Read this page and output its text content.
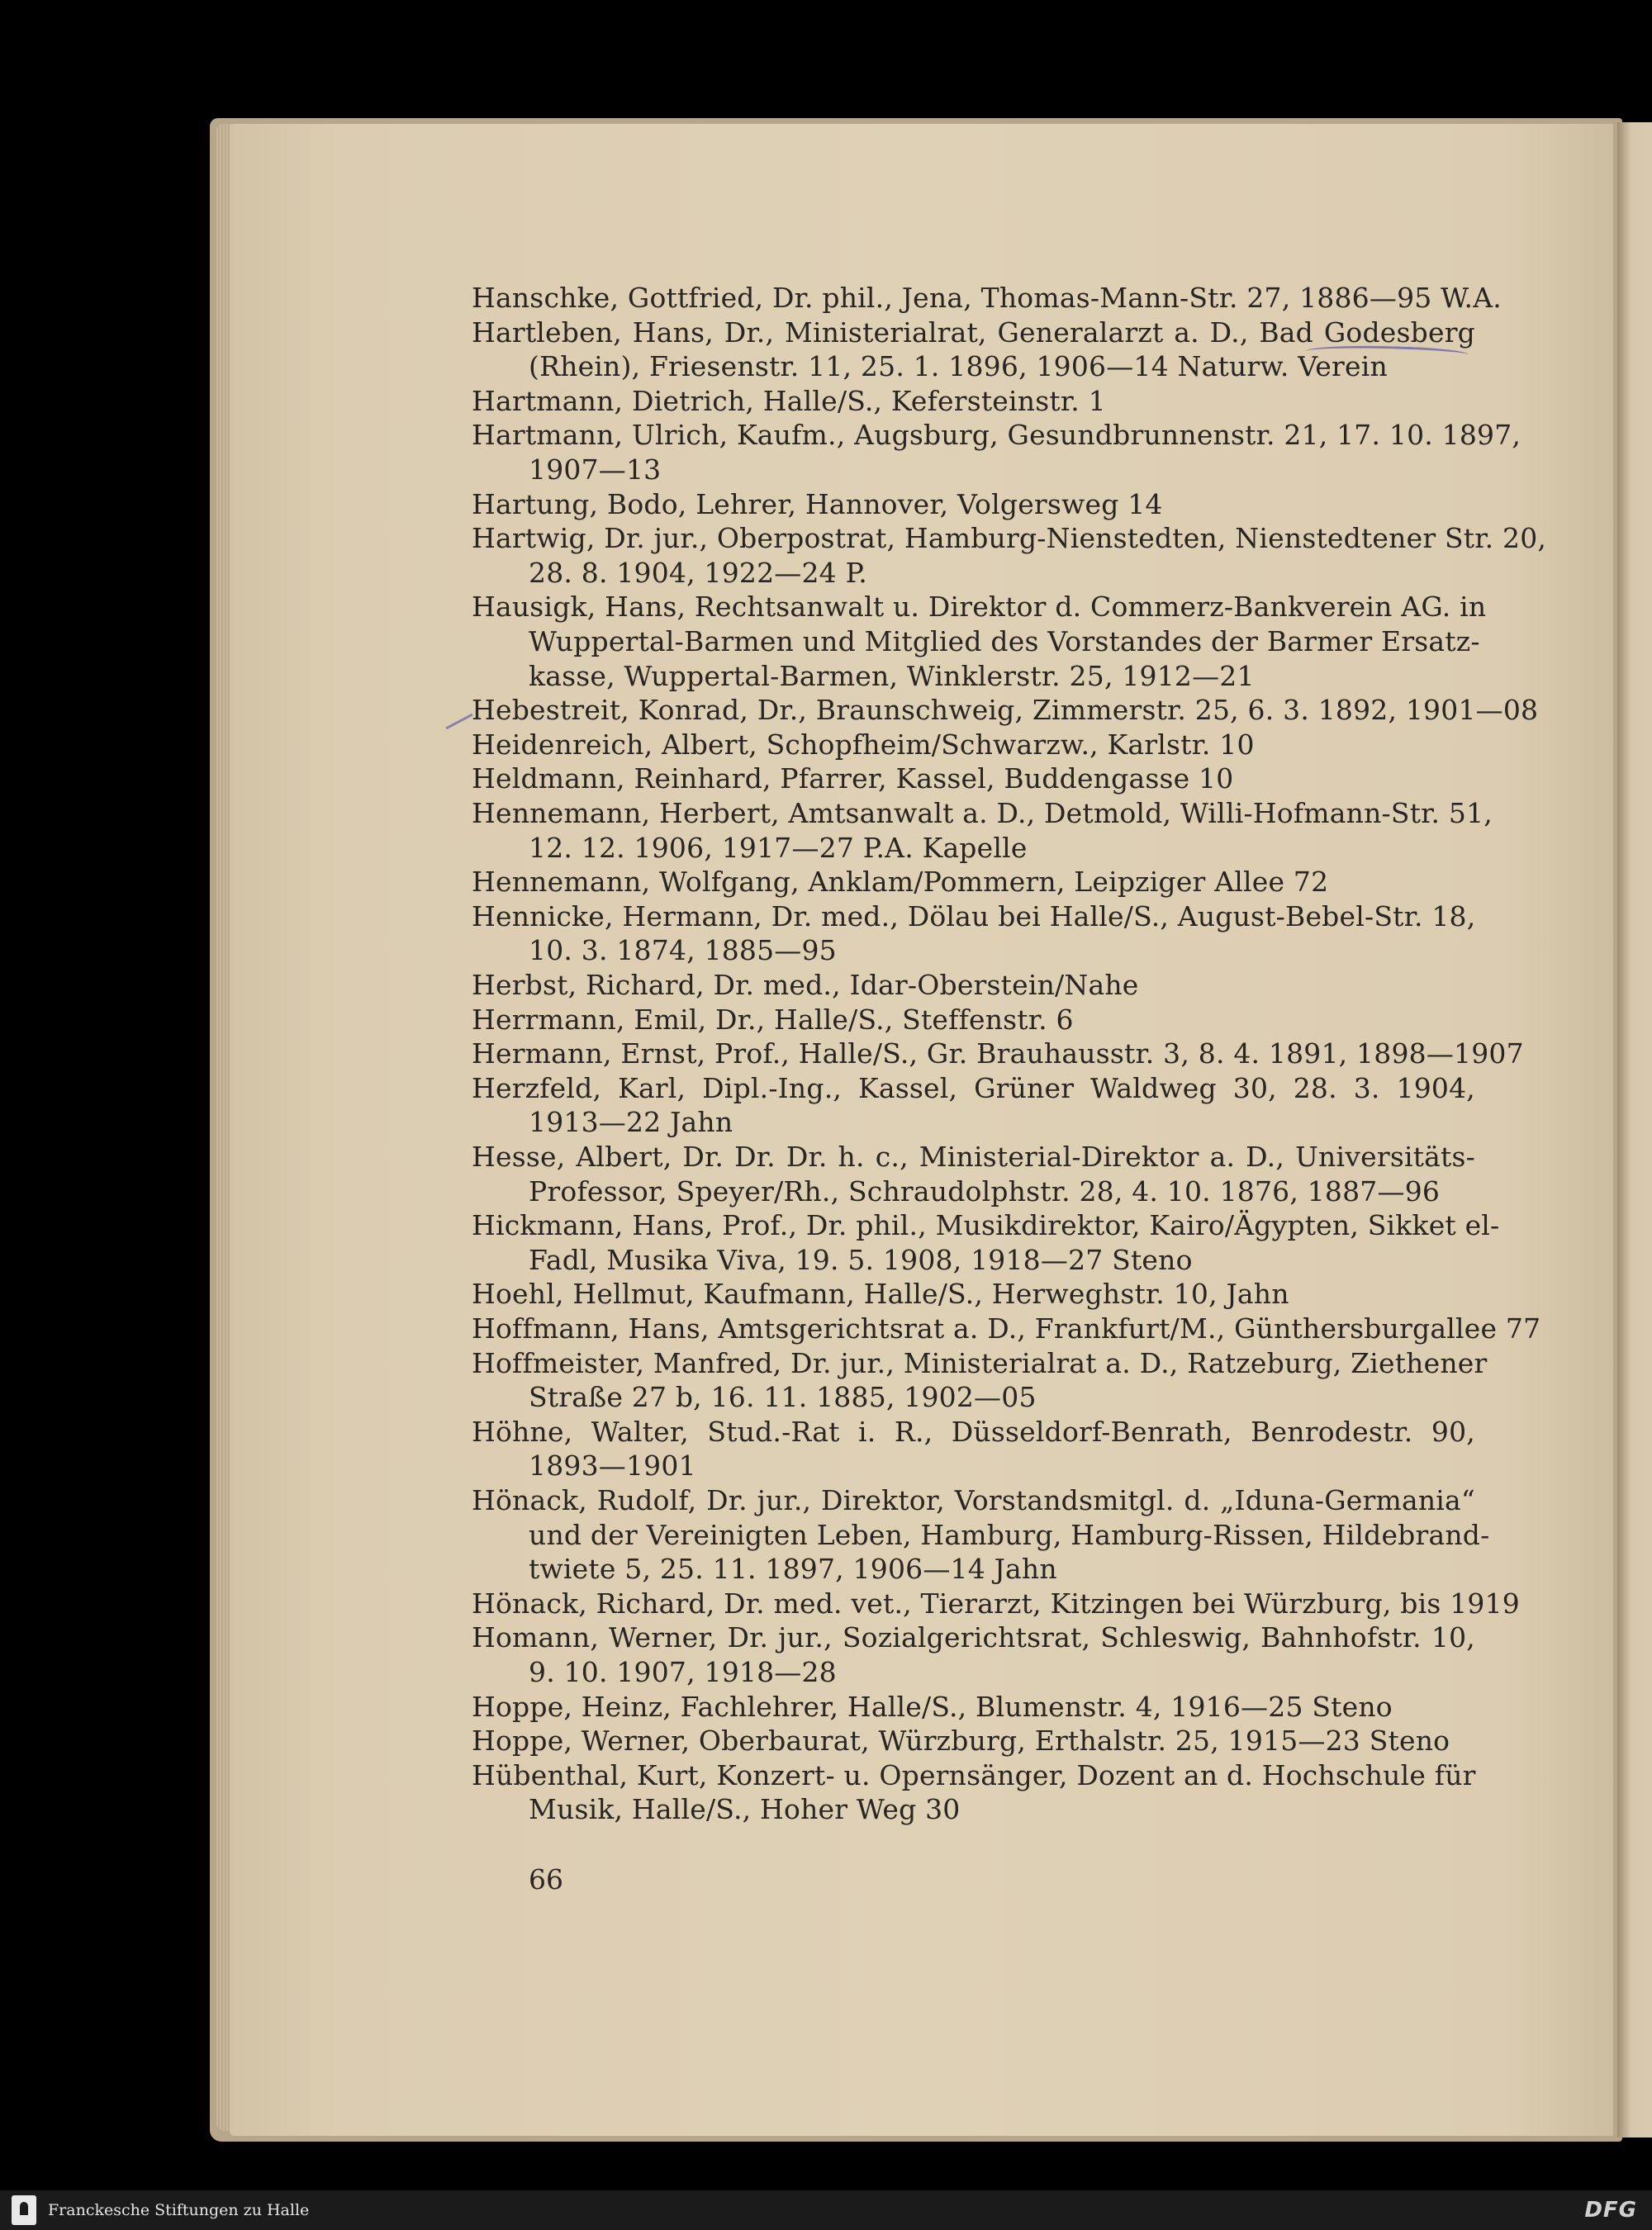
Hanschke, Gottfried, Dr. phil., Jena, Thomas-Mann-Str. 27, 1886—95 W.A.
Hartleben, Hans, Dr., Ministerialrat, Generalarzt a. D., Bad Godesberg
(Rhein), Friesenstr. 11, 25. 1. 1896, 1906—14 Naturw. Verein
Hartmann, Dietrich, Halle/S., Kefersteinstr. 1
Hartmann, Ulrich, Kaufm., Augsburg, Gesundbrunnenstr. 21, 17. 10. 1897,
1907—13
Hartung, Bodo, Lehrer, Hannover, Volgersweg 14
Hartwig, Dr. jur., Oberpostrat, Hamburg-Nienstedten, Nienstedtener Str. 20,
28. 8. 1904, 1922—24 P.
Hausigk, Hans, Rechtsanwalt u. Direktor d. Commerz-Bankverein AG. in
Wuppertal-Barmen und Mitglied des Vorstandes der Barmer Ersatz-
kasse, Wuppertal-Barmen, Winklerstr. 25, 1912—21
Hebestreit, Konrad, Dr., Braunschweig, Zimmerstr. 25, 6. 3. 1892, 1901—08
Heidenreich, Albert, Schopfheim/Schwarzw., Karlstr. 10
Heldmann, Reinhard, Pfarrer, Kassel, Buddengasse 10
Hennemann, Herbert, Amtsanwalt a. D., Detmold, Willi-Hofmann-Str. 51,
12. 12. 1906, 1917—27 P.A. Kapelle
Hennemann, Wolfgang, Anklam/Pommern, Leipziger Allee 72
Hennicke, Hermann, Dr. med., Dölau bei Halle/S., August-Bebel-Str. 18,
10. 3. 1874, 1885—95
Herbst, Richard, Dr. med., Idar-Oberstein/Nahe
Herrmann, Emil, Dr., Halle/S., Steffenstr. 6
Hermann, Ernst, Prof., Halle/S., Gr. Brauhausstr. 3, 8. 4. 1891, 1898—1907
Herzfeld, Karl, Dipl.-Ing., Kassel, Grüner Waldweg 30, 28. 3. 1904,
1913—22 Jahn
Hesse, Albert, Dr. Dr. Dr. h. c., Ministerial-Direktor a. D., Universitäts-
Professor, Speyer/Rh., Schraudolphstr. 28, 4. 10. 1876, 1887—96
Hickmann, Hans, Prof., Dr. phil., Musikdirektor, Kairo/Ägypten, Sikket el-
Fadl, Musika Viva, 19. 5. 1908, 1918—27 Steno
Hoehl, Hellmut, Kaufmann, Halle/S., Herweghstr. 10, Jahn
Hoffmann, Hans, Amtsgerichtsrat a. D., Frankfurt/M., Günthersburgallee 77
Hoffmeister, Manfred, Dr. jur., Ministerialrat a. D., Ratzeburg, Ziethener
Straße 27 b, 16. 11. 1885, 1902—05
Höhne, Walter, Stud.-Rat i. R., Düsseldorf-Benrath, Benrodestr. 90,
1893—1901
Hönack, Rudolf, Dr. jur., Direktor, Vorstandsmitgl. d. „Iduna-Germania“
und der Vereinigten Leben, Hamburg, Hamburg-Rissen, Hildebrand-
twiete 5, 25. 11. 1897, 1906—14 Jahn
Hönack, Richard, Dr. med. vet., Tierarzt, Kitzingen bei Würzburg, bis 1919
Homann, Werner, Dr. jur., Sozialgerichtsrat, Schleswig, Bahnhofstr. 10,
9. 10. 1907, 1918—28
Hoppe, Heinz, Fachlehrer, Halle/S., Blumenstr. 4, 1916—25 Steno
Hoppe, Werner, Oberbaurat, Würzburg, Erthalstr. 25, 1915—23 Steno
Hübenthal, Kurt, Konzert- u. Opernsänger, Dozent an d. Hochschule für
Musik, Halle/S., Hoher Weg 30
66
Franckesche Stiftungen zu Halle	DFG
